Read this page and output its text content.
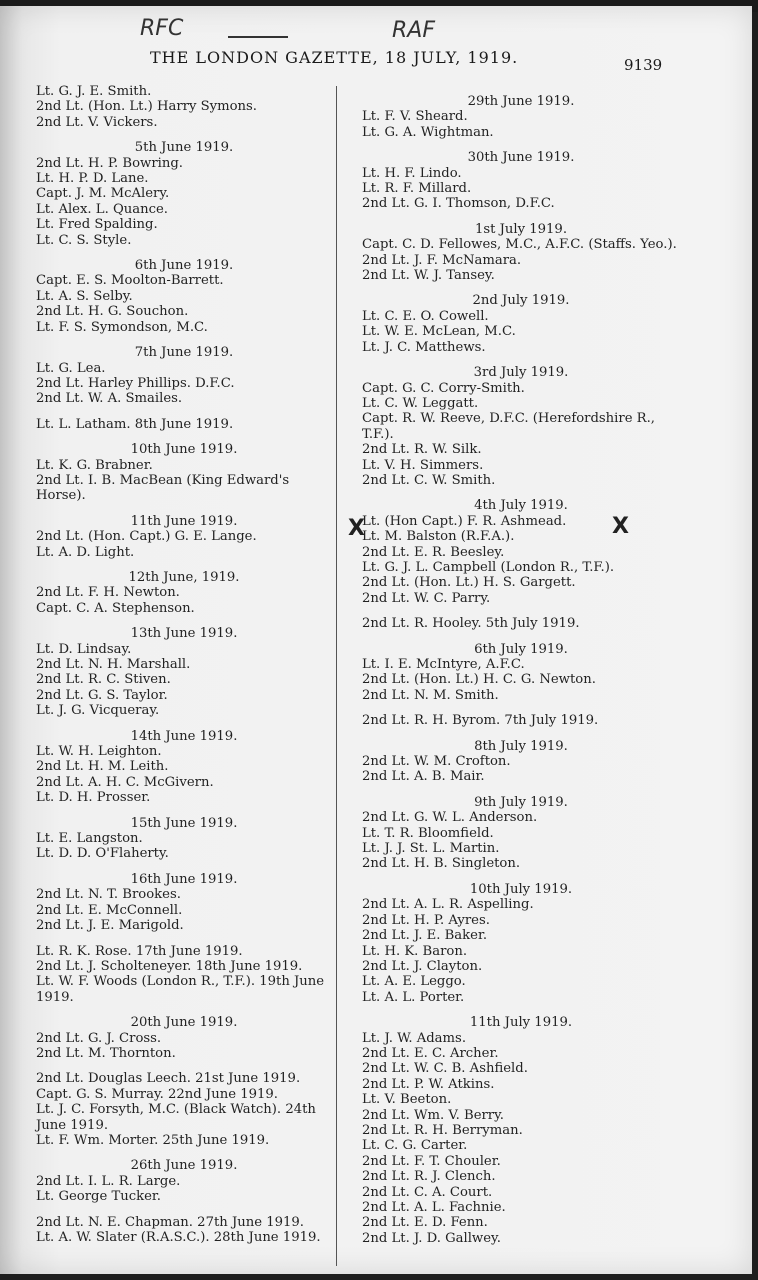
RFC	RAF
THE LONDON GAZETTE, 18 JULY, 1919.	9139
Lt. G. J. E. Smith.
2nd Lt. (Hon. Lt.) Harry Symons.
2nd Lt. V. Vickers.
5th June 1919.
2nd Lt. H. P. Bowring.
Lt. H. P. D. Lane.
Capt. J. M. McAlery.
Lt. Alex. L. Quance.
Lt. Fred Spalding.
Lt. C. S. Style.
6th June 1919.
Capt. E. S. Moolton-Barrett.
Lt. A. S. Selby.
2nd Lt. H. G. Souchon.
Lt. F. S. Symondson, M.C.
7th June 1919.
Lt. G. Lea.
2nd Lt. Harley Phillips. D.F.C.
2nd Lt. W. A. Smailes.
Lt. L. Latham. 8th June 1919.
10th June 1919.
Lt. K. G. Brabner.
2nd Lt. I. B. MacBean (King Edward's Horse).
11th June 1919.
2nd Lt. (Hon. Capt.) G. E. Lange.
Lt. A. D. Light.
12th June, 1919.
2nd Lt. F. H. Newton.
Capt. C. A. Stephenson.
13th June 1919.
Lt. D. Lindsay.
2nd Lt. N. H. Marshall.
2nd Lt. R. C. Stiven.
2nd Lt. G. S. Taylor.
Lt. J. G. Vicqueray.
14th June 1919.
Lt. W. H. Leighton.
2nd Lt. H. M. Leith.
2nd Lt. A. H. C. McGivern.
Lt. D. H. Prosser.
15th June 1919.
Lt. E. Langston.
Lt. D. D. O'Flaherty.
16th June 1919.
2nd Lt. N. T. Brookes.
2nd Lt. E. McConnell.
2nd Lt. J. E. Marigold.
Lt. R. K. Rose. 17th June 1919.
2nd Lt. J. Scholteneyer. 18th June 1919.
Lt. W. F. Woods (London R., T.F.). 19th June 1919.
20th June 1919.
2nd Lt. G. J. Cross.
2nd Lt. M. Thornton.
2nd Lt. Douglas Leech. 21st June 1919.
Capt. G. S. Murray. 22nd June 1919.
Lt. J. C. Forsyth, M.C. (Black Watch). 24th June 1919.
Lt. F. Wm. Morter. 25th June 1919.
26th June 1919.
2nd Lt. I. L. R. Large.
Lt. George Tucker.
2nd Lt. N. E. Chapman. 27th June 1919.
Lt. A. W. Slater (R.A.S.C.). 28th June 1919.
29th June 1919.
Lt. F. V. Sheard.
Lt. G. A. Wightman.
30th June 1919.
Lt. H. F. Lindo.
Lt. R. F. Millard.
2nd Lt. G. I. Thomson, D.F.C.
1st July 1919.
Capt. C. D. Fellowes, M.C., A.F.C. (Staffs. Yeo.).
2nd Lt. J. F. McNamara.
2nd Lt. W. J. Tansey.
2nd July 1919.
Lt. C. E. O. Cowell.
Lt. W. E. McLean, M.C.
Lt. J. C. Matthews.
3rd July 1919.
Capt. G. C. Corry-Smith.
Lt. C. W. Leggatt.
Capt. R. W. Reeve, D.F.C. (Herefordshire R., T.F.).
2nd Lt. R. W. Silk.
Lt. V. H. Simmers.
2nd Lt. C. W. Smith.
4th July 1919.
Lt. (Hon Capt.) F. R. Ashmead.
Lt. M. Balston (R.F.A.).
2nd Lt. E. R. Beesley.
Lt. G. J. L. Campbell (London R., T.F.).
2nd Lt. (Hon. Lt.) H. S. Gargett.
2nd Lt. W. C. Parry.
2nd Lt. R. Hooley. 5th July 1919.
6th July 1919.
Lt. I. E. McIntyre, A.F.C.
2nd Lt. (Hon. Lt.) H. C. G. Newton.
2nd Lt. N. M. Smith.
2nd Lt. R. H. Byrom. 7th July 1919.
8th July 1919.
2nd Lt. W. M. Crofton.
2nd Lt. A. B. Mair.
9th July 1919.
2nd Lt. G. W. L. Anderson.
Lt. T. R. Bloomfield.
Lt. J. J. St. L. Martin.
2nd Lt. H. B. Singleton.
10th July 1919.
2nd Lt. A. L. R. Aspelling.
2nd Lt. H. P. Ayres.
2nd Lt. J. E. Baker.
Lt. H. K. Baron.
2nd Lt. J. Clayton.
Lt. A. E. Leggo.
Lt. A. L. Porter.
11th July 1919.
Lt. J. W. Adams.
2nd Lt. E. C. Archer.
2nd Lt. W. C. B. Ashfield.
2nd Lt. P. W. Atkins.
Lt. V. Beeton.
2nd Lt. Wm. V. Berry.
2nd Lt. R. H. Berryman.
Lt. C. G. Carter.
2nd Lt. F. T. Chouler.
2nd Lt. R. J. Clench.
2nd Lt. C. A. Court.
2nd Lt. A. L. Fachnie.
2nd Lt. E. D. Fenn.
2nd Lt. J. D. Gallwey.
X	X
